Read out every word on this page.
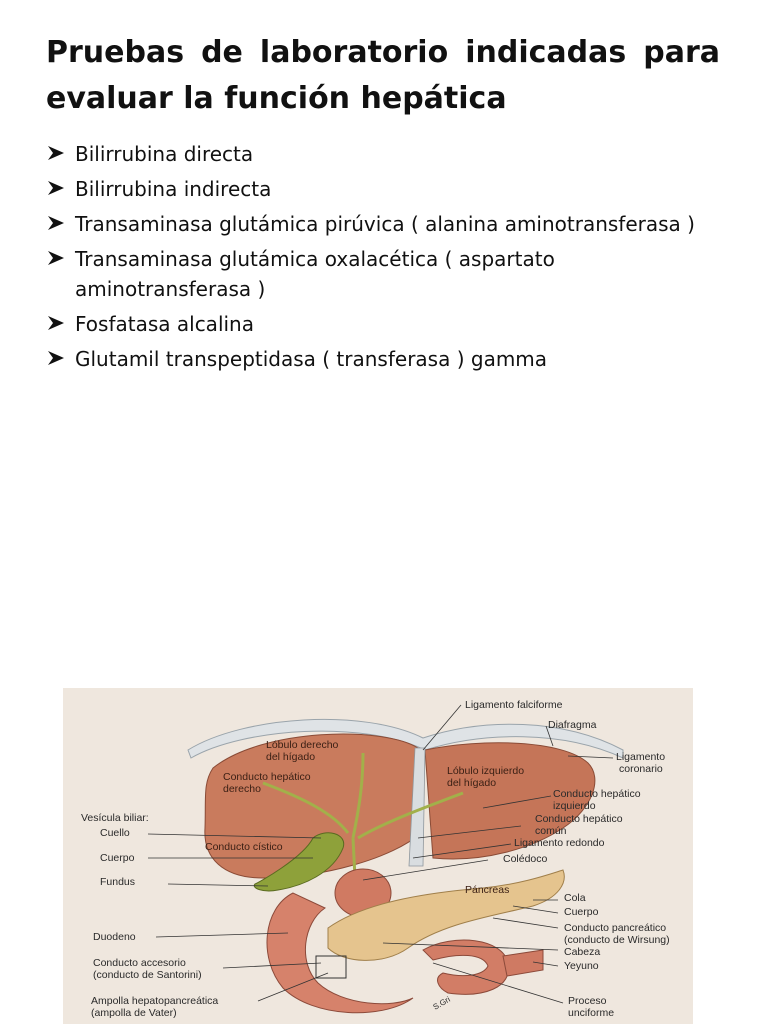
Pruebas de laboratorio indicadas para evaluar la función hepática
Bilirrubina directa
Bilirrubina indirecta
Transaminasa glutámica pirúvica ( alanina aminotransferasa )
Transaminasa glutámica oxalacética ( aspartato aminotransferasa )
Fosfatasa alcalina
Glutamil transpeptidasa ( transferasa ) gamma
Ligamento falciforme
Diafragma
Ligamento
coronario
Lóbulo derecho
del hígado
Lóbulo izquierdo
del hígado
Conducto hepático
derecho	Conducto hepático
izquierdo
Conducto hepático
común
Ligamento redondo
Colédoco
Vesícula biliar:
Cuello
Cuerpo
Fundus
Conducto cístico
Páncreas
Cola
Cuerpo
Conducto pancreático
(conducto de Wirsung)
Cabeza
Yeyuno
Duodeno
Conducto accesorio
(conducto de Santorini)
Ampolla hepatopancreática
(ampolla de Vater)
Proceso
unciforme
S.Gri
